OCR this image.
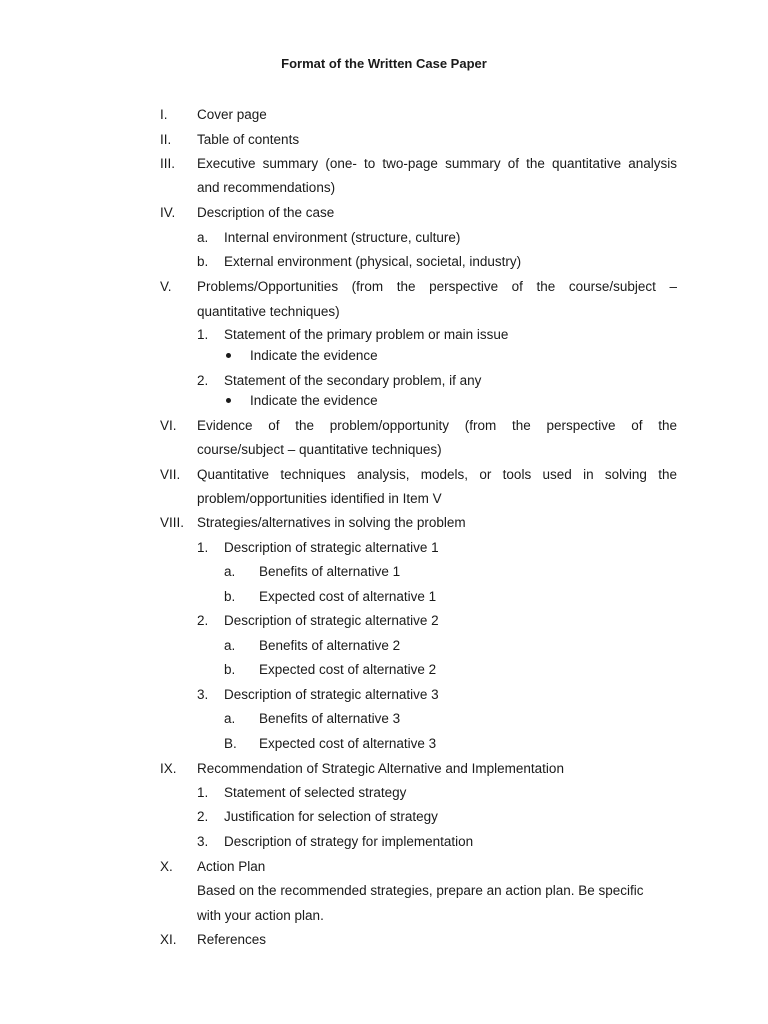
Format of the Written Case Paper
I. Cover page
II. Table of contents
III. Executive summary (one- to two-page summary of the quantitative analysis
and recommendations)
IV. Description of the case
a. Internal environment (structure, culture)
b. External environment (physical, societal, industry)
V. Problems/Opportunities (from the perspective of the course/subject –
quantitative techniques)
1. Statement of the primary problem or main issue
Indicate the evidence
2. Statement of the secondary problem, if any
Indicate the evidence
VI. Evidence of the problem/opportunity (from the perspective of the
course/subject – quantitative techniques)
VII. Quantitative techniques analysis, models, or tools used in solving the
problem/opportunities identified in Item V
VIII. Strategies/alternatives in solving the problem
1. Description of strategic alternative 1
a. Benefits of alternative 1
b. Expected cost of alternative 1
2. Description of strategic alternative 2
a. Benefits of alternative 2
b. Expected cost of alternative 2
3. Description of strategic alternative 3
a. Benefits of alternative 3
B. Expected cost of alternative 3
IX. Recommendation of Strategic Alternative and Implementation
1. Statement of selected strategy
2. Justification for selection of strategy
3. Description of strategy for implementation
X. Action Plan
Based on the recommended strategies, prepare an action plan. Be specific
with your action plan.
XI. References
